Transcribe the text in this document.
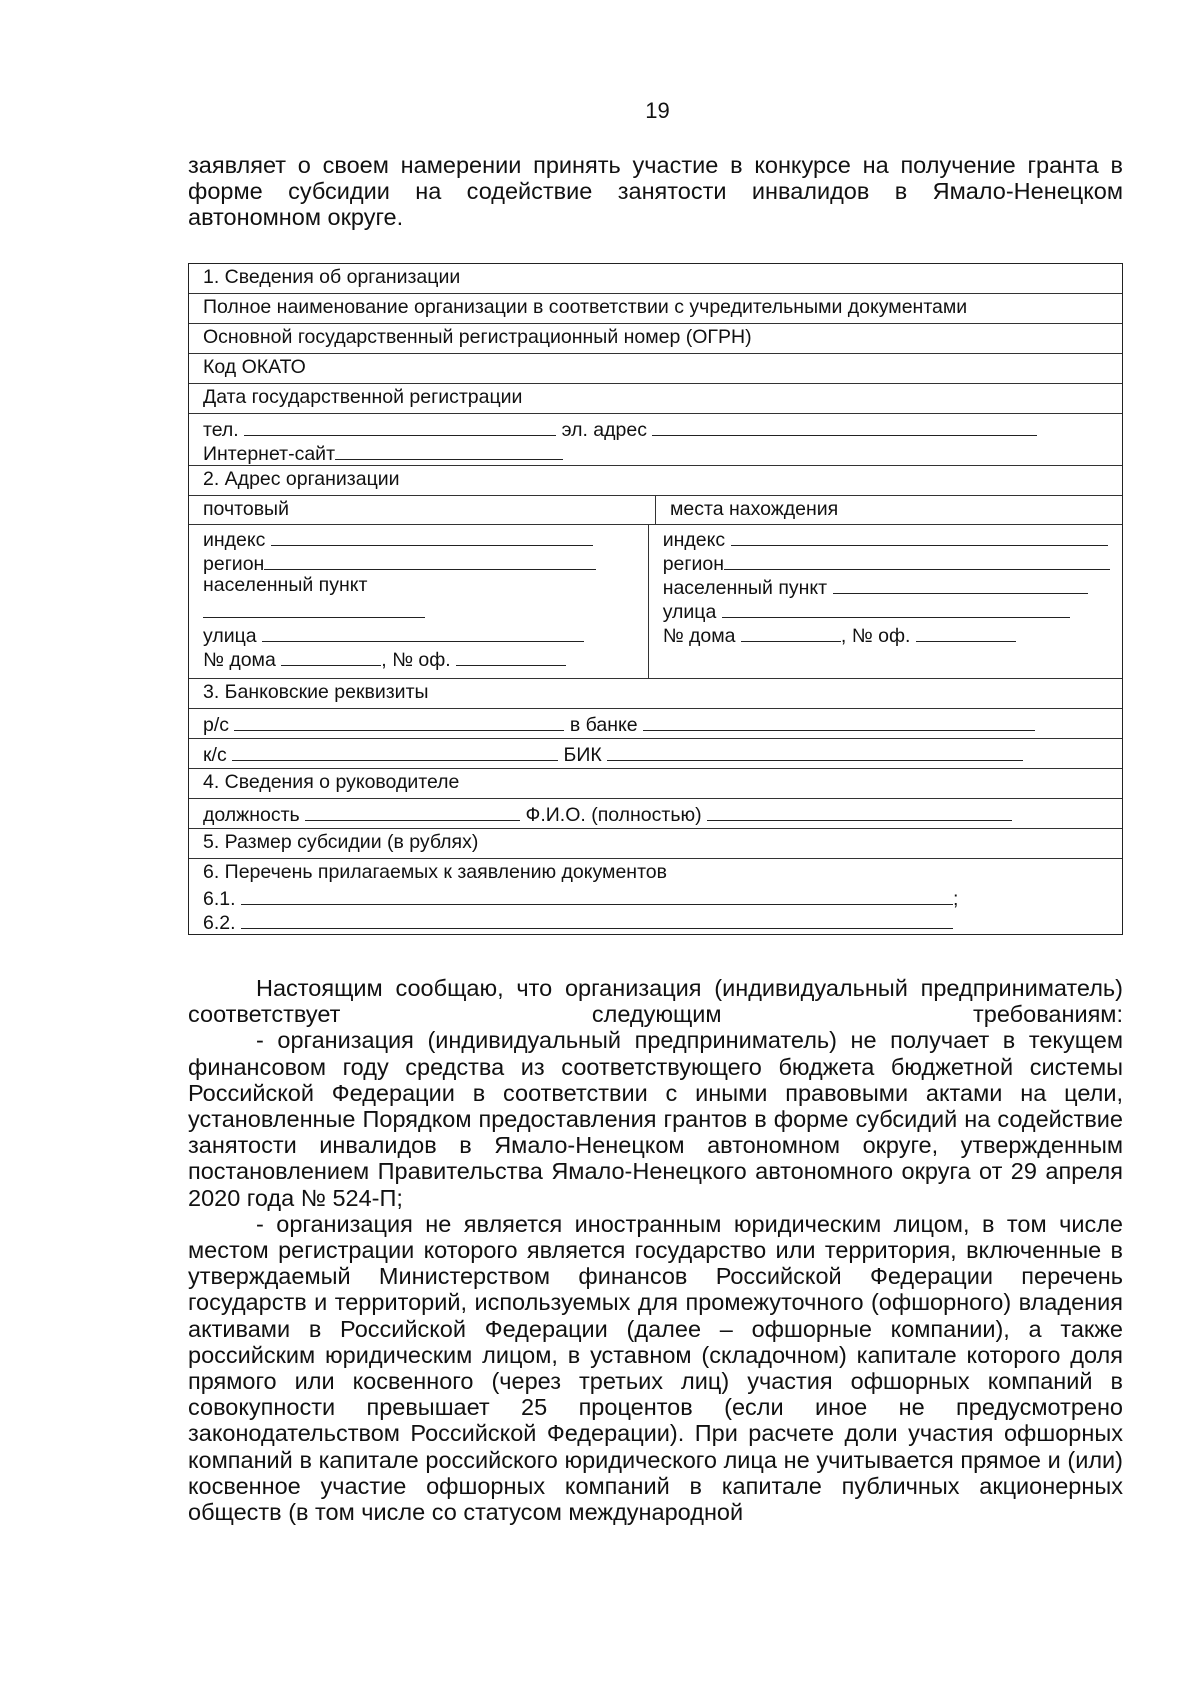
19

заявляет о своем намерении принять участие в конкурсе на получение гранта в форме субсидии на содействие занятости инвалидов в Ямало-Ненецком автономном округе.

1. Сведения об организации
Полное наименование организации в соответствии с учредительными документами
Основной государственный регистрационный номер (ОГРН)
Код ОКАТО
Дата государственной регистрации
тел.	эл. адрес
Интернет-сайт
2. Адрес организации
почтовый	места нахождения
индекс
регион
населенный пункт
улица
№ дома	, № оф.
индекс
регион
населенный пункт
улица
№ дома	, № оф.
3. Банковские реквизиты
р/с	в банке
к/с	БИК
4. Сведения о руководителе
должность	Ф.И.О. (полностью)
5. Размер субсидии (в рублях)
6. Перечень прилагаемых к заявлению документов
6.1.	;
6.2.

Настоящим сообщаю, что организация (индивидуальный предприниматель) соответствует следующим требованиям:

- организация (индивидуальный предприниматель) не получает в текущем финансовом году средства из соответствующего бюджета бюджетной системы Российской Федерации в соответствии с иными правовыми актами на цели, установленные Порядком предоставления грантов в форме субсидий на содействие занятости инвалидов в Ямало-Ненецком автономном округе, утвержденным постановлением Правительства Ямало-Ненецкого автономного округа от 29 апреля 2020 года № 524-П;

- организация не является иностранным юридическим лицом, в том числе местом регистрации которого является государство или территория, включенные в утверждаемый Министерством финансов Российской Федерации перечень государств и территорий, используемых для промежуточного (офшорного) владения активами в Российской Федерации (далее – офшорные компании), а также российским юридическим лицом, в уставном (складочном) капитале которого доля прямого или косвенного (через третьих лиц) участия офшорных компаний в совокупности превышает 25 процентов (если иное не предусмотрено законодательством Российской Федерации). При расчете доли участия офшорных компаний в капитале российского юридического лица не учитывается прямое и (или) косвенное участие офшорных компаний в капитале публичных акционерных обществ (в том числе со статусом международной
